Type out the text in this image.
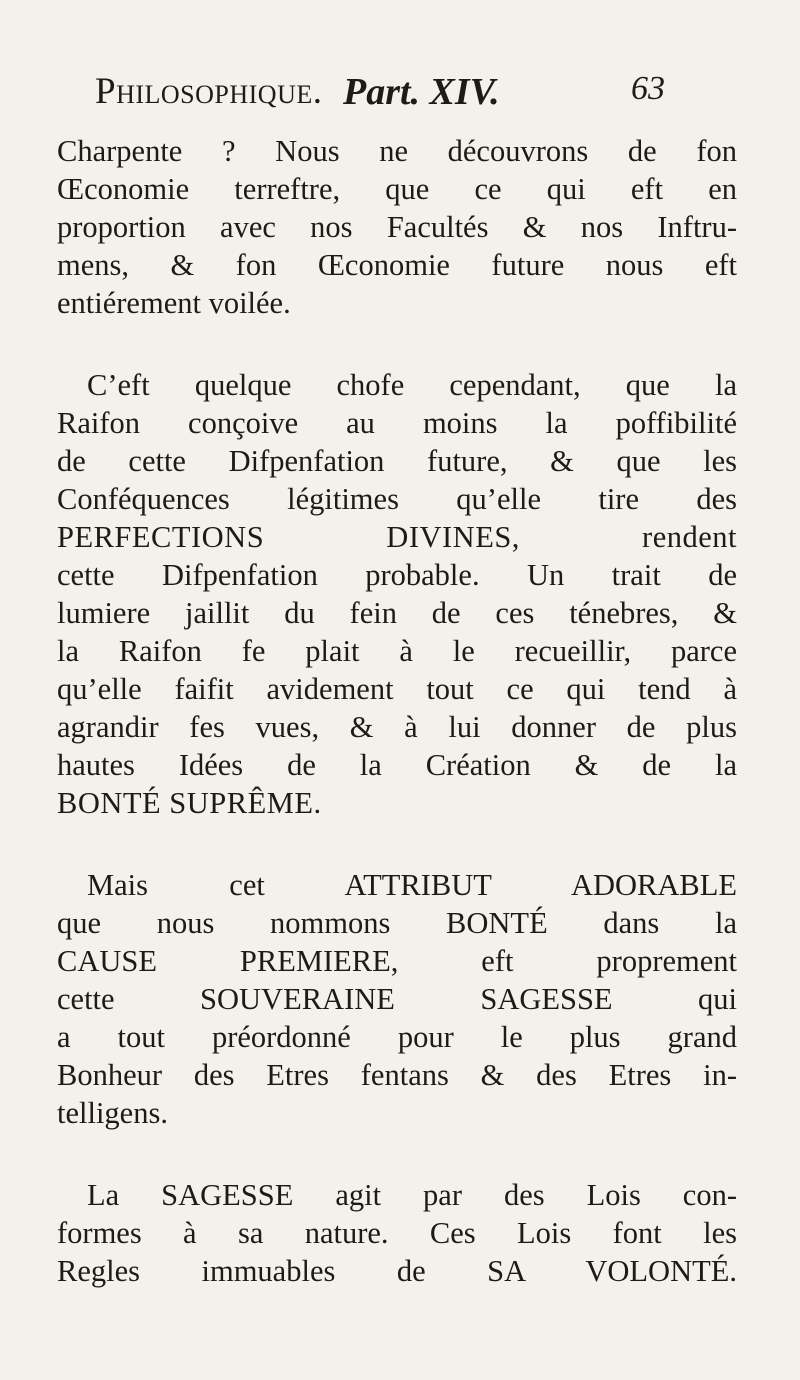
Philosophique. Part. XIV.	63
Charpente ? Nous ne découvrons de fon
Œconomie terreftre, que ce qui eft en
proportion avec nos Facultés & nos Inftru-
mens, & fon Œconomie future nous eft
entiérement voilée.
C’eft quelque chofe cependant, que la
Raifon conçoive au moins la poffibilité
de cette Difpenfation future, & que les
Conféquences légitimes qu’elle tire des
PERFECTIONS DIVINES, rendent
cette Difpenfation probable. Un trait de
lumiere jaillit du fein de ces ténebres, &
la Raifon fe plait à le recueillir, parce
qu’elle faifit avidement tout ce qui tend à
agrandir fes vues, & à lui donner de plus
hautes Idées de la Création & de la
BONTÉ SUPRÊME.
Mais cet ATTRIBUT ADORABLE
que nous nommons BONTÉ dans la
CAUSE PREMIERE, eft proprement
cette SOUVERAINE SAGESSE qui
a tout préordonné pour le plus grand
Bonheur des Etres fentans & des Etres in-
telligens.
La SAGESSE agit par des Lois con-
formes à sa nature. Ces Lois font les
Regles immuables de SA VOLONTÉ.
